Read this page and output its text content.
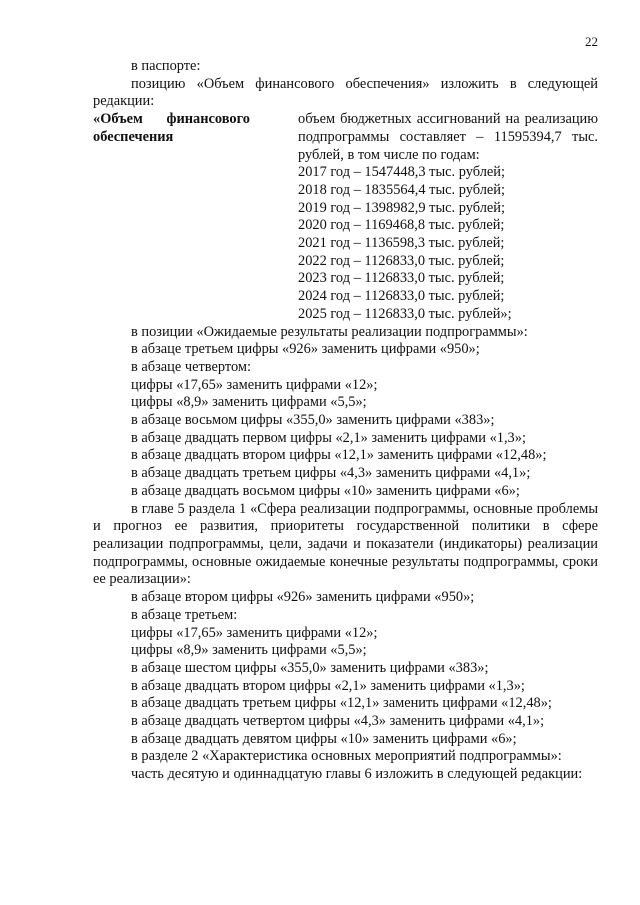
22

в паспорте:

позицию «Объем финансового обеспечения» изложить в следующей редакции:

«Объем финансового
обеспечения

объем бюджетных ассигнований на реализацию подпрограммы составляет – 11595394,7 тыс. рублей, в том числе по годам:

2017 год – 1547448,3 тыс. рублей;
2018 год – 1835564,4 тыс. рублей;
2019 год – 1398982,9 тыс. рублей;
2020 год – 1169468,8 тыс. рублей;
2021 год – 1136598,3 тыс. рублей;
2022 год – 1126833,0 тыс. рублей;
2023 год – 1126833,0 тыс. рублей;
2024 год – 1126833,0 тыс. рублей;
2025 год – 1126833,0 тыс. рублей»;

в позиции «Ожидаемые результаты реализации подпрограммы»:

в абзаце третьем цифры «926» заменить цифрами «950»;

в абзаце четвертом:

цифры «17,65» заменить цифрами «12»;

цифры «8,9» заменить цифрами «5,5»;

в абзаце восьмом цифры «355,0» заменить цифрами «383»;

в абзаце двадцать первом цифры «2,1» заменить цифрами «1,3»;

в абзаце двадцать втором цифры «12,1» заменить цифрами «12,48»;

в абзаце двадцать третьем цифры «4,3» заменить цифрами «4,1»;

в абзаце двадцать восьмом цифры «10» заменить цифрами «6»;

в главе 5 раздела 1 «Сфера реализации подпрограммы, основные проблемы и прогноз ее развития, приоритеты государственной политики в сфере реализации подпрограммы, цели, задачи и показатели (индикаторы) реализации подпрограммы, основные ожидаемые конечные результаты подпрограммы, сроки ее реализации»:

в абзаце втором цифры «926» заменить цифрами «950»;

в абзаце третьем:

цифры «17,65» заменить цифрами «12»;

цифры «8,9» заменить цифрами «5,5»;

в абзаце шестом цифры «355,0» заменить цифрами «383»;

в абзаце двадцать втором цифры «2,1» заменить цифрами «1,3»;

в абзаце двадцать третьем цифры «12,1» заменить цифрами «12,48»;

в абзаце двадцать четвертом цифры «4,3» заменить цифрами «4,1»;

в абзаце двадцать девятом цифры «10» заменить цифрами «6»;

в разделе 2 «Характеристика основных мероприятий подпрограммы»:

часть десятую и одиннадцатую главы 6 изложить в следующей редакции:
